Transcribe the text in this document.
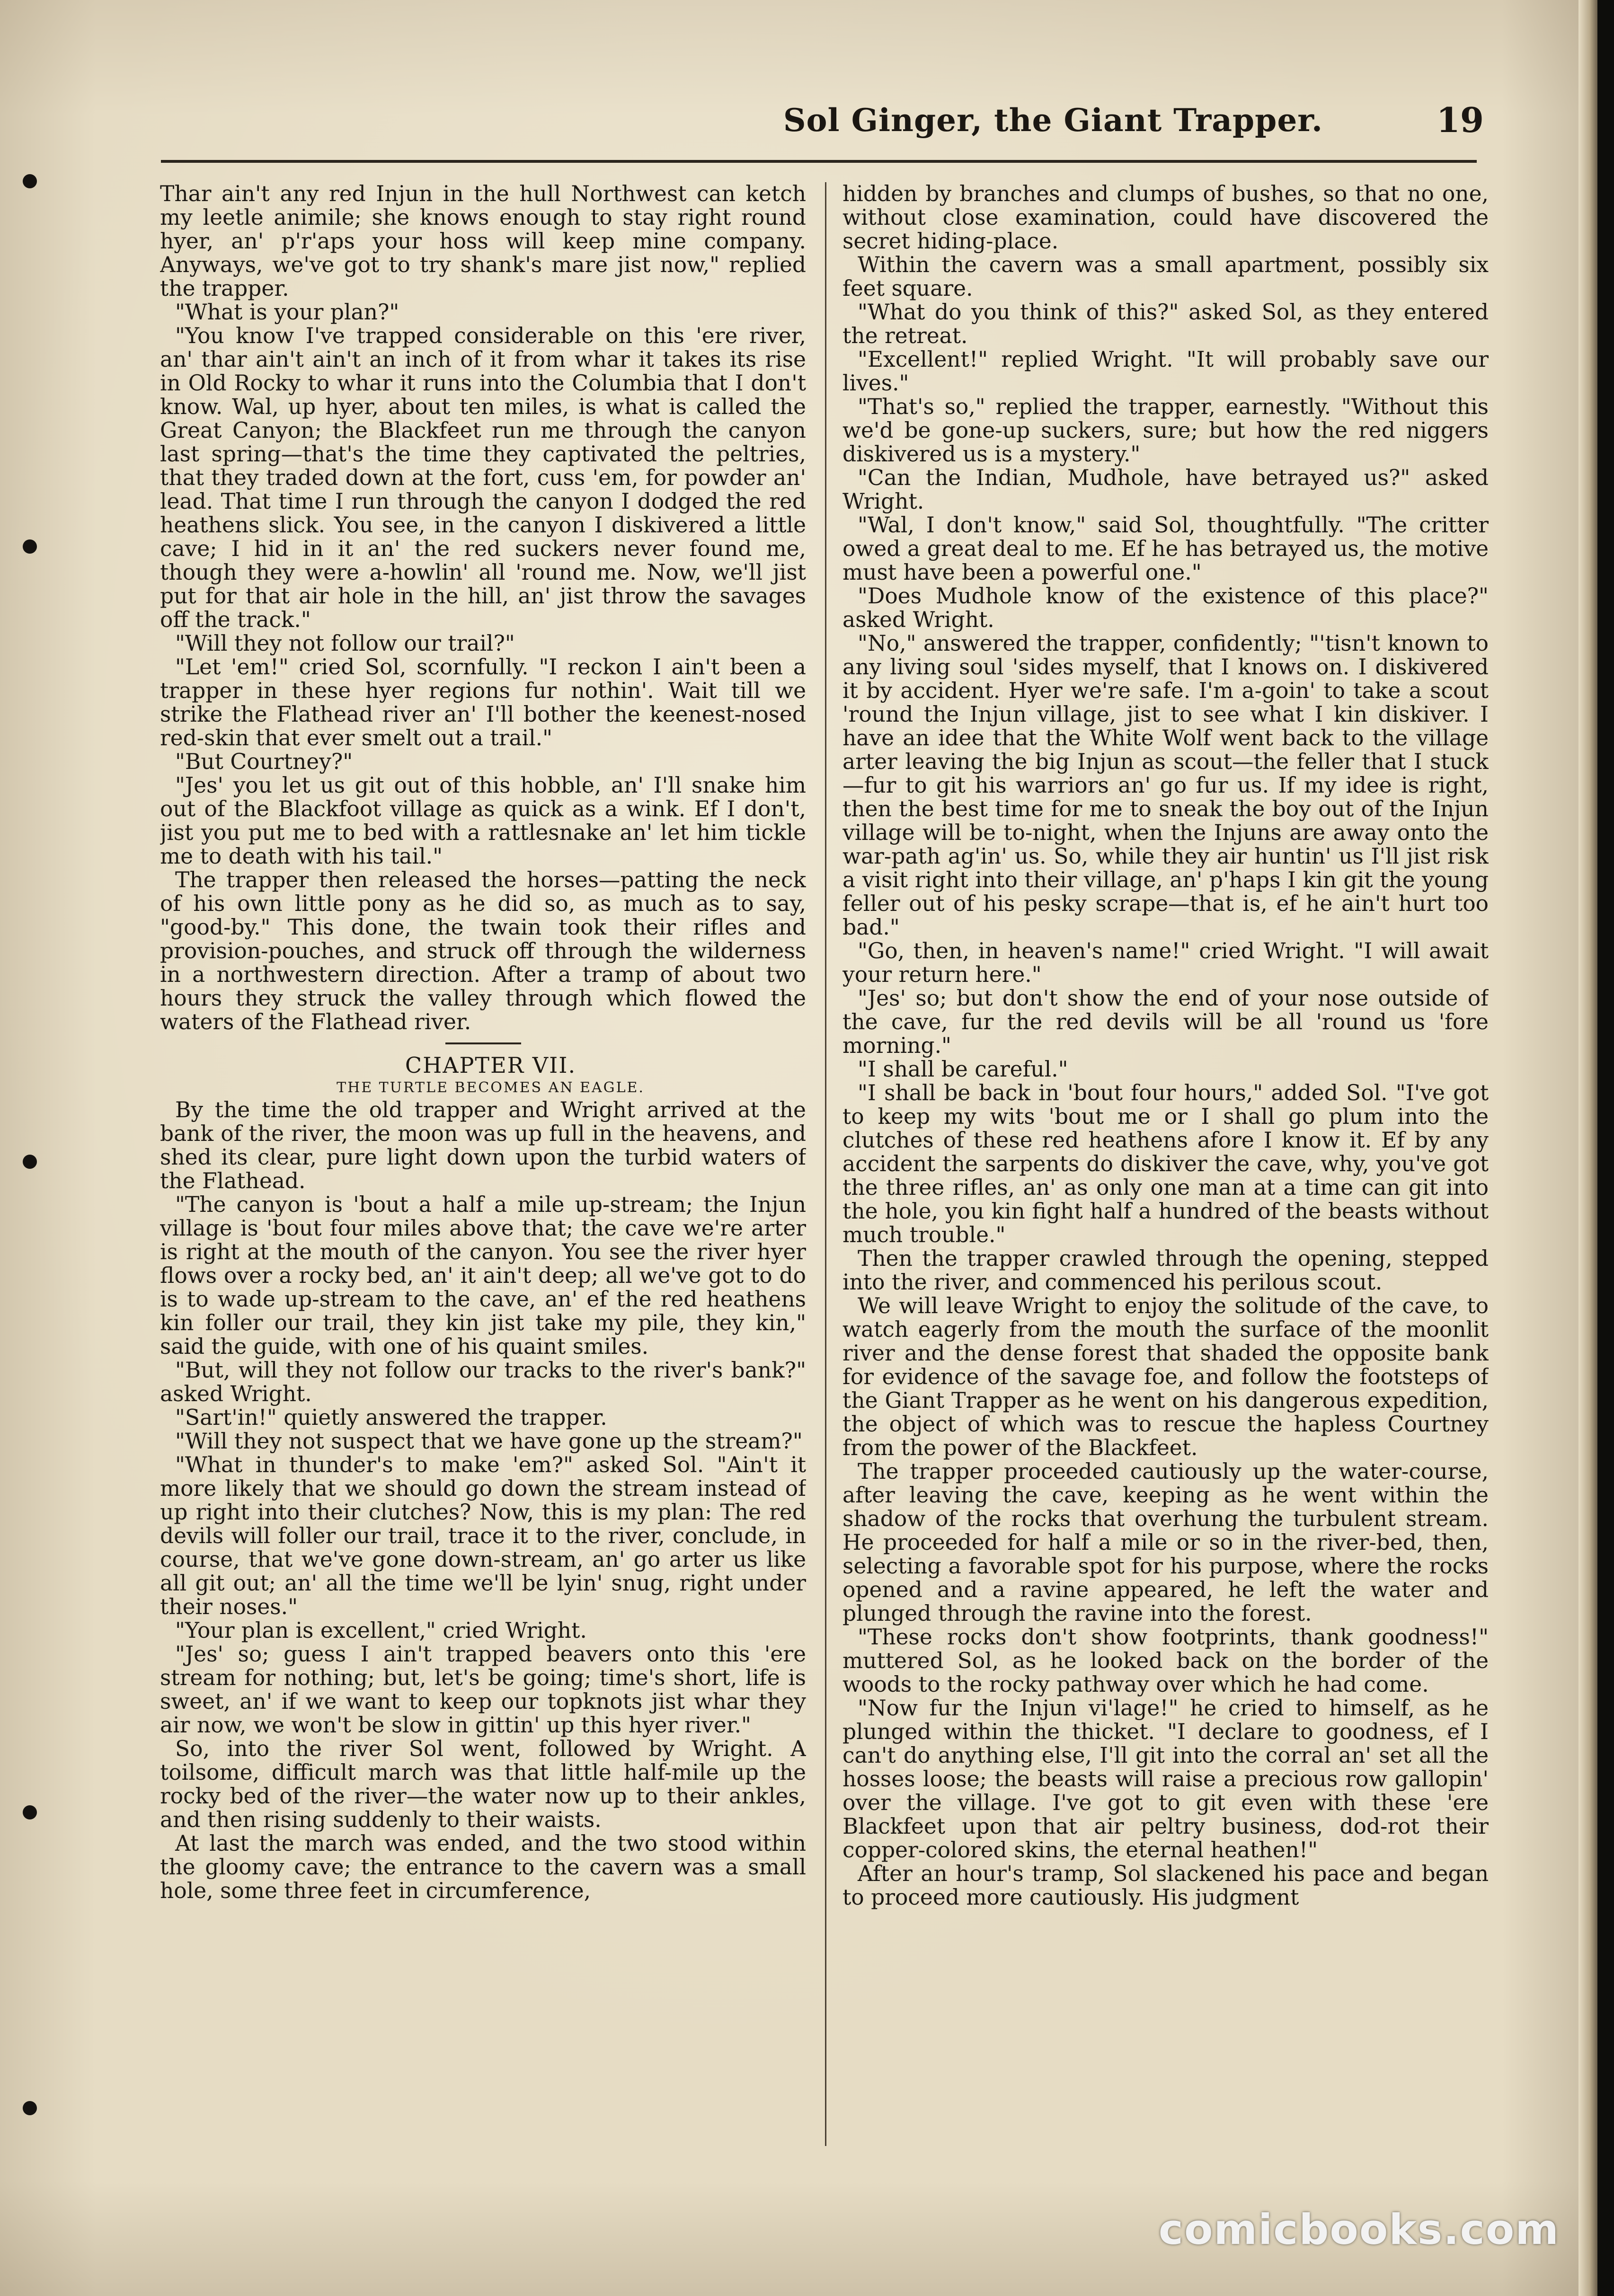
Sol Ginger, the Giant Trapper.	19

Thar ain't any red Injun in the hull Northwest can ketch my leetle animile; she knows enough to stay right round hyer, an' p'r'aps your hoss will keep mine company. Anyways, we've got to try shank's mare jist now," replied the trapper.

"What is your plan?"

"You know I've trapped considerable on this 'ere river, an' thar ain't ain't an inch of it from whar it takes its rise in Old Rocky to whar it runs into the Columbia that I don't know. Wal, up hyer, about ten miles, is what is called the Great Canyon; the Blackfeet run me through the canyon last spring—that's the time they captivated the peltries, that they traded down at the fort, cuss 'em, for powder an' lead. That time I run through the canyon I dodged the red heathens slick. You see, in the canyon I diskivered a little cave; I hid in it an' the red suckers never found me, though they were a-howlin' all 'round me. Now, we'll jist put for that air hole in the hill, an' jist throw the savages off the track."

"Will they not follow our trail?"

"Let 'em!" cried Sol, scornfully. "I reckon I ain't been a trapper in these hyer regions fur nothin'. Wait till we strike the Flathead river an' I'll bother the keenest-nosed red-skin that ever smelt out a trail."

"But Courtney?"

"Jes' you let us git out of this hobble, an' I'll snake him out of the Blackfoot village as quick as a wink. Ef I don't, jist you put me to bed with a rattlesnake an' let him tickle me to death with his tail."

The trapper then released the horses—patting the neck of his own little pony as he did so, as much as to say, "good-by." This done, the twain took their rifles and provision-pouches, and struck off through the wilderness in a northwestern direction. After a tramp of about two hours they struck the valley through which flowed the waters of the Flathead river.

CHAPTER VII.

THE TURTLE BECOMES AN EAGLE.

By the time the old trapper and Wright arrived at the bank of the river, the moon was up full in the heavens, and shed its clear, pure light down upon the turbid waters of the Flathead.

"The canyon is 'bout a half a mile up-stream; the Injun village is 'bout four miles above that; the cave we're arter is right at the mouth of the canyon. You see the river hyer flows over a rocky bed, an' it ain't deep; all we've got to do is to wade up-stream to the cave, an' ef the red heathens kin foller our trail, they kin jist take my pile, they kin," said the guide, with one of his quaint smiles.

"But, will they not follow our tracks to the river's bank?" asked Wright.

"Sart'in!" quietly answered the trapper.

"Will they not suspect that we have gone up the stream?"

"What in thunder's to make 'em?" asked Sol. "Ain't it more likely that we should go down the stream instead of up right into their clutches? Now, this is my plan: The red devils will foller our trail, trace it to the river, conclude, in course, that we've gone down-stream, an' go arter us like all git out; an' all the time we'll be lyin' snug, right under their noses."

"Your plan is excellent," cried Wright.

"Jes' so; guess I ain't trapped beavers onto this 'ere stream for nothing; but, let's be going; time's short, life is sweet, an' if we want to keep our topknots jist whar they air now, we won't be slow in gittin' up this hyer river."

So, into the river Sol went, followed by Wright. A toilsome, difficult march was that little half-mile up the rocky bed of the river—the water now up to their ankles, and then rising suddenly to their waists.

At last the march was ended, and the two stood within the gloomy cave; the entrance to the cavern was a small hole, some three feet in circumference,

hidden by branches and clumps of bushes, so that no one, without close examination, could have discovered the secret hiding-place.

Within the cavern was a small apartment, possibly six feet square.

"What do you think of this?" asked Sol, as they entered the retreat.

"Excellent!" replied Wright. "It will probably save our lives."

"That's so," replied the trapper, earnestly. "Without this we'd be gone-up suckers, sure; but how the red niggers diskivered us is a mystery."

"Can the Indian, Mudhole, have betrayed us?" asked Wright.

"Wal, I don't know," said Sol, thoughtfully. "The critter owed a great deal to me. Ef he has betrayed us, the motive must have been a powerful one."

"Does Mudhole know of the existence of this place?" asked Wright.

"No," answered the trapper, confidently; "'tisn't known to any living soul 'sides myself, that I knows on. I diskivered it by accident. Hyer we're safe. I'm a-goin' to take a scout 'round the Injun village, jist to see what I kin diskiver. I have an idee that the White Wolf went back to the village arter leaving the big Injun as scout—the feller that I stuck—fur to git his warriors an' go fur us. If my idee is right, then the best time for me to sneak the boy out of the Injun village will be to-night, when the Injuns are away onto the war-path ag'in' us. So, while they air huntin' us I'll jist risk a visit right into their village, an' p'haps I kin git the young feller out of his pesky scrape—that is, ef he ain't hurt too bad."

"Go, then, in heaven's name!" cried Wright. "I will await your return here."

"Jes' so; but don't show the end of your nose outside of the cave, fur the red devils will be all 'round us 'fore morning."

"I shall be careful."

"I shall be back in 'bout four hours," added Sol. "I've got to keep my wits 'bout me or I shall go plum into the clutches of these red heathens afore I know it. Ef by any accident the sarpents do diskiver the cave, why, you've got the three rifles, an' as only one man at a time can git into the hole, you kin fight half a hundred of the beasts without much trouble."

Then the trapper crawled through the opening, stepped into the river, and commenced his perilous scout.

We will leave Wright to enjoy the solitude of the cave, to watch eagerly from the mouth the surface of the moonlit river and the dense forest that shaded the opposite bank for evidence of the savage foe, and follow the footsteps of the Giant Trapper as he went on his dangerous expedition, the object of which was to rescue the hapless Courtney from the power of the Blackfeet.

The trapper proceeded cautiously up the water-course, after leaving the cave, keeping as he went within the shadow of the rocks that overhung the turbulent stream. He proceeded for half a mile or so in the river-bed, then, selecting a favorable spot for his purpose, where the rocks opened and a ravine appeared, he left the water and plunged through the ravine into the forest.

"These rocks don't show footprints, thank goodness!" muttered Sol, as he looked back on the border of the woods to the rocky pathway over which he had come.

"Now fur the Injun vi'lage!" he cried to himself, as he plunged within the thicket. "I declare to goodness, ef I can't do anything else, I'll git into the corral an' set all the hosses loose; the beasts will raise a precious row gallopin' over the village. I've got to git even with these 'ere Blackfeet upon that air peltry business, dod-rot their copper-colored skins, the eternal heathen!"

After an hour's tramp, Sol slackened his pace and began to proceed more cautiously. His judgment

comicbooks.com
